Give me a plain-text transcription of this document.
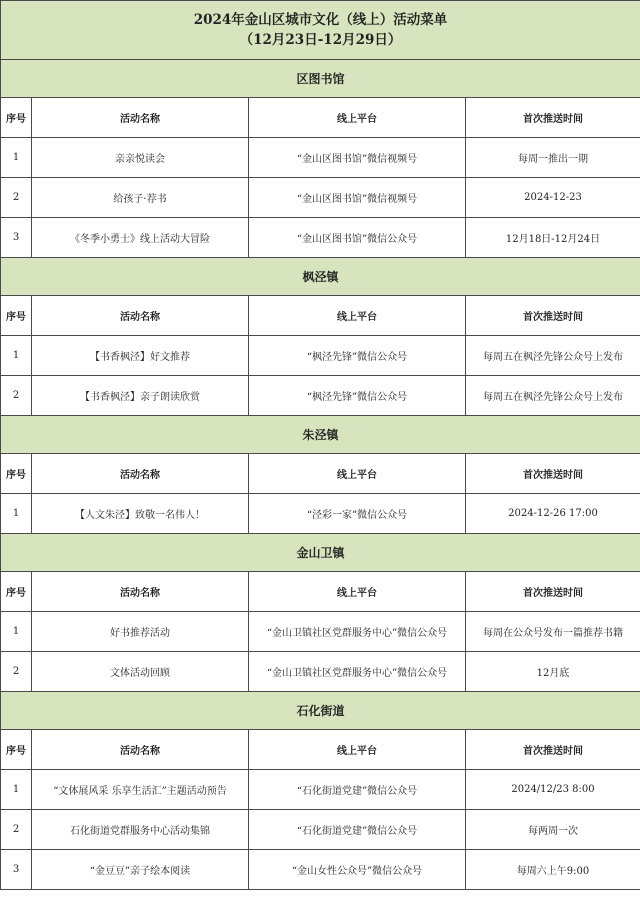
2024年金山区城市文化（线上）活动菜单
（12月23日-12月29日）			

区图书馆			
序号	活动名称	线上平台	首次推送时间
1	亲亲悦读会	“金山区图书馆”微信视频号	每周一推出一期
2	给孩子·荐书	“金山区图书馆”微信视频号	2024-12-23
3	《冬季小勇士》线上活动大冒险	“金山区图书馆”微信公众号	12月18日-12月24日
枫泾镇			
序号	活动名称	线上平台	首次推送时间
1	【书香枫泾】好文推荐	“枫泾先锋”微信公众号	每周五在枫泾先锋公众号上发布
2	【书香枫泾】亲子朗读欣赏	“枫泾先锋”微信公众号	每周五在枫泾先锋公众号上发布
朱泾镇			
序号	活动名称	线上平台	首次推送时间
1	【人文朱泾】致敬一名伟人！	“泾彩一家”微信公众号	2024-12-26 17:00
金山卫镇			
序号	活动名称	线上平台	首次推送时间
1	好书推荐活动	“金山卫镇社区党群服务中心”微信公众号	每周在公众号发布一篇推荐书籍
2	文体活动回顾	“金山卫镇社区党群服务中心”微信公众号	12月底
石化街道			
序号	活动名称	线上平台	首次推送时间
1	“文体展风采 乐享生活汇”主题活动预告	“石化街道党建”微信公众号	2024/12/23 8:00
2	石化街道党群服务中心活动集锦	“石化街道党建”微信公众号	每两周一次
3	“金豆豆”亲子绘本阅读	“金山女性公众号”微信公众号	每周六上午9:00
